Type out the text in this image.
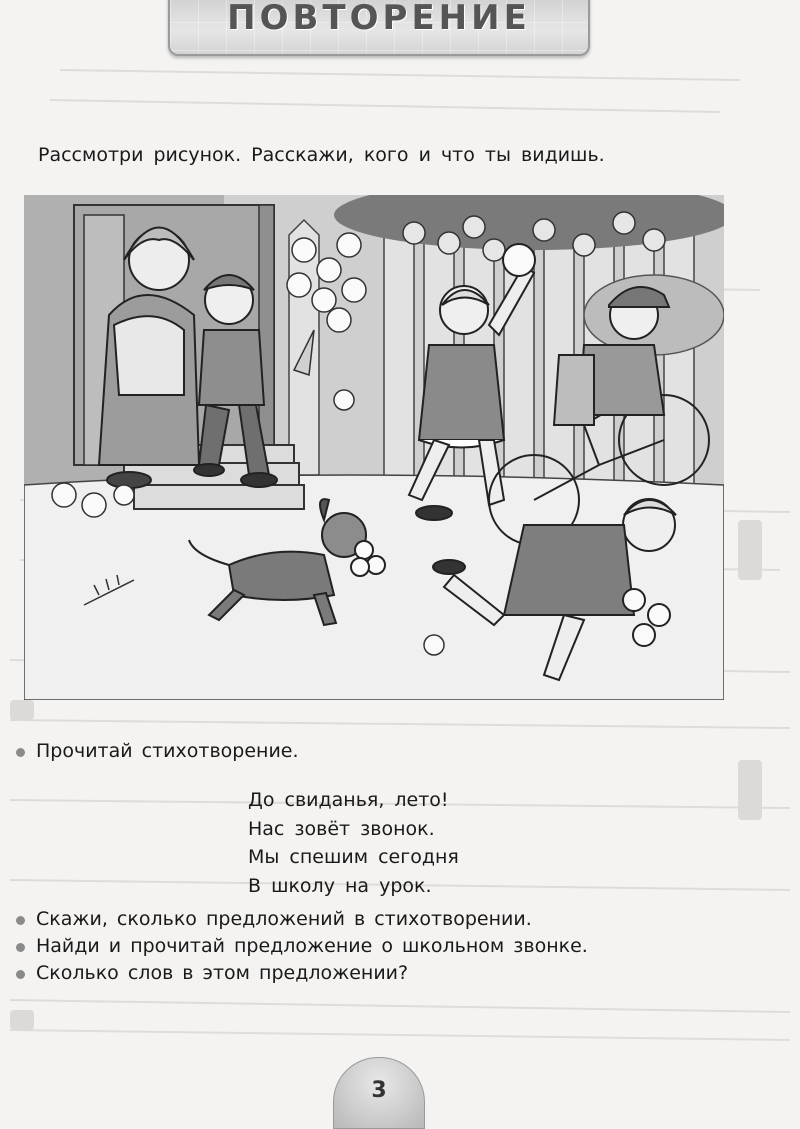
ПОВТОРЕНИЕ
Рассмотри рисунок. Расскажи, кого и что ты видишь.
Прочитай стихотворение.
До свиданья, лето!
Нас зовёт звонок.
Мы спешим сегодня
В школу на урок.
Скажи, сколько предложений в стихотворении.
Найди и прочитай предложение о школьном звонке.
Сколько слов в этом предложении?
3
